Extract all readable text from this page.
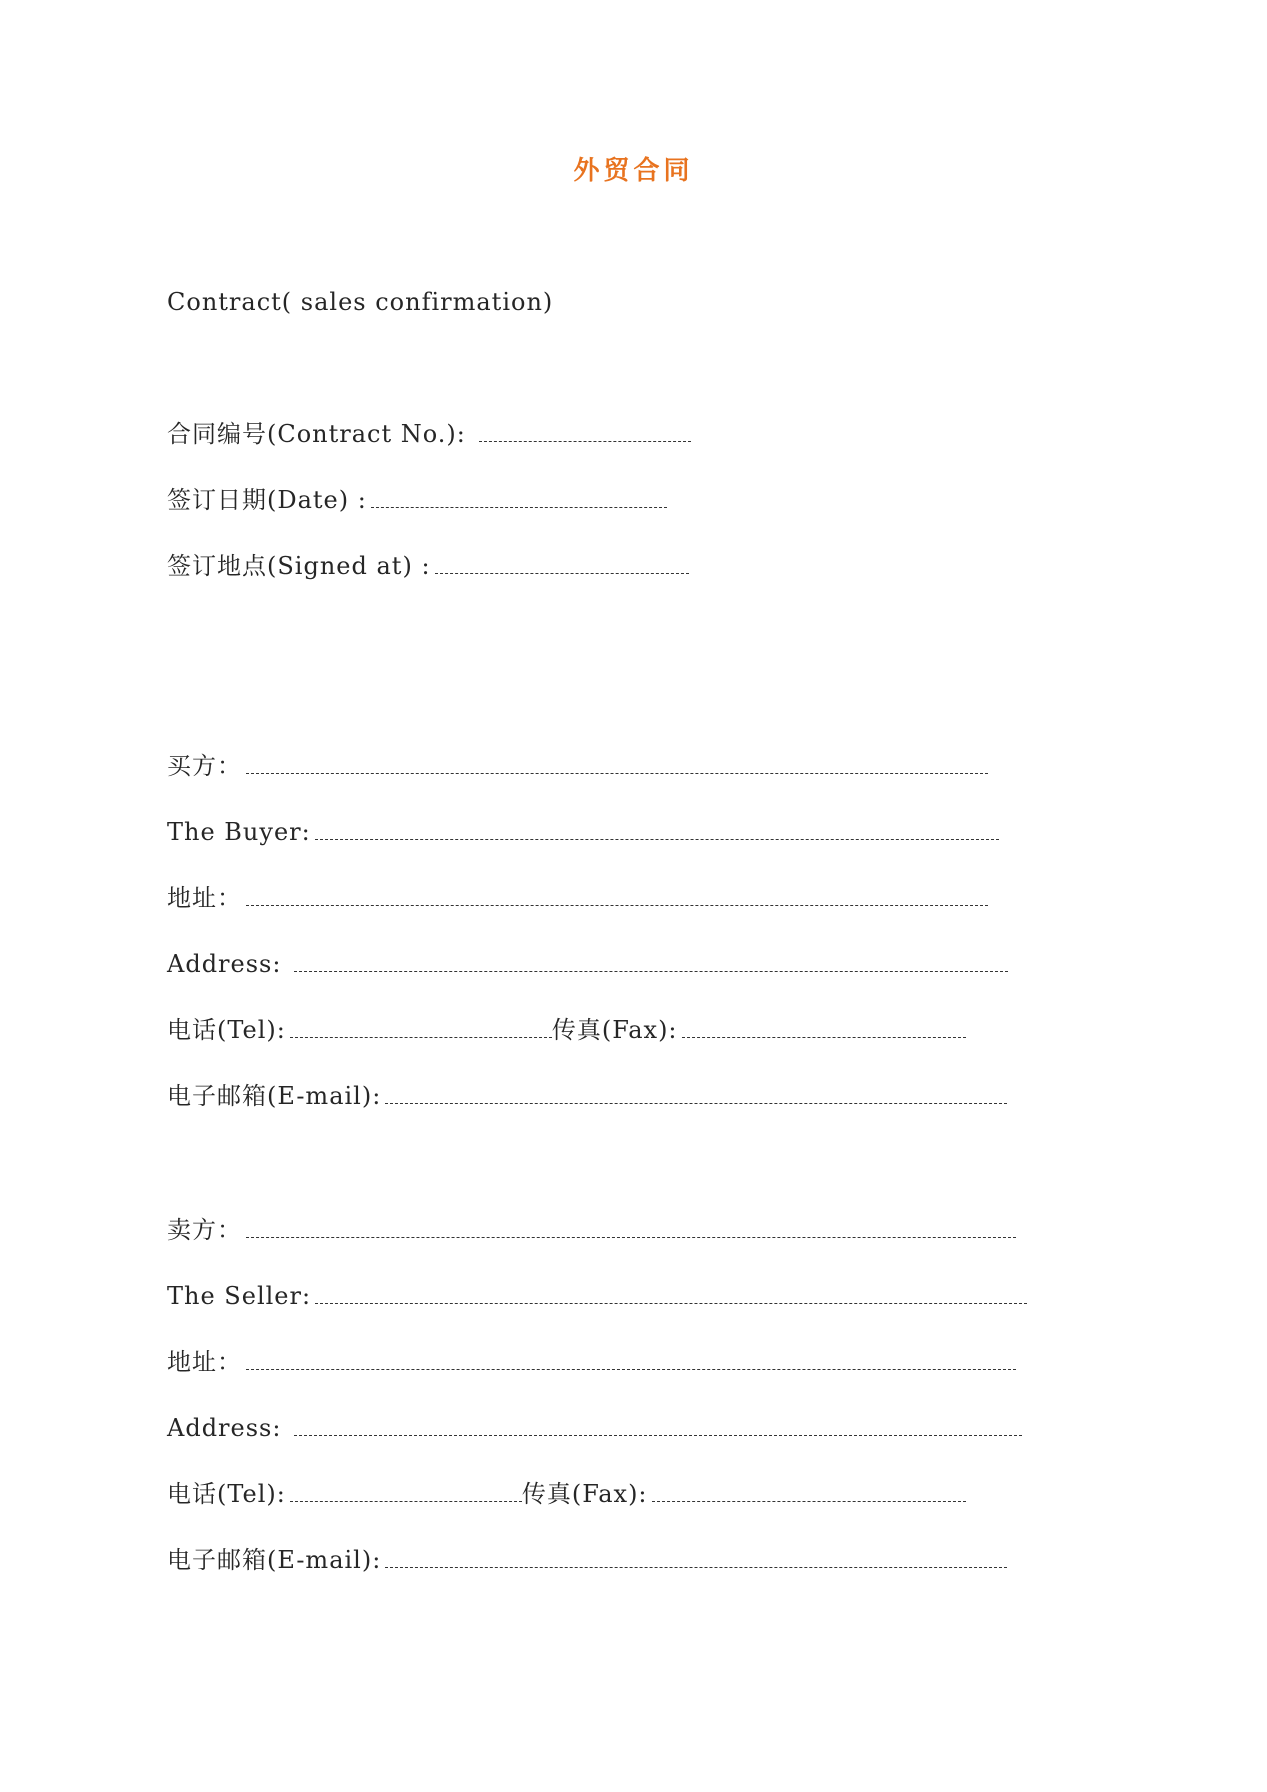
外贸合同
Contract( sales confirmation)
合同编号(Contract No.):
签订日期(Date) :
签订地点(Signed at) :
买方：
The Buyer:
地址：
Address:
电话(Tel):	传真(Fax):
电子邮箱(E-mail):
卖方：
The Seller:
地址：
Address:
电话(Tel):	传真(Fax):
电子邮箱(E-mail):
